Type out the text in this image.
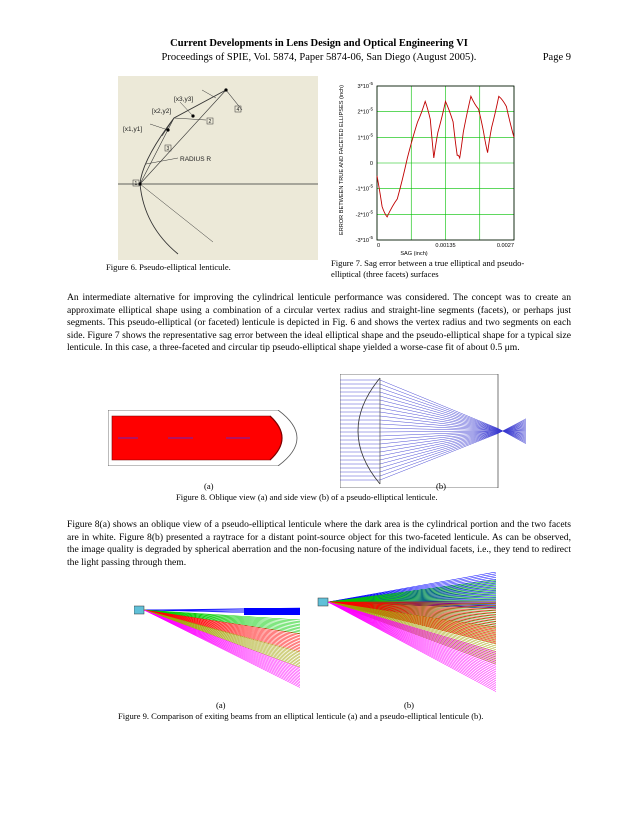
Current Developments in Lens Design and Optical Engineering VI
Proceedings of SPIE, Vol. 5874, Paper 5874-06, San Diego (August 2005).	Page 9
[x3,y3]
[x2,y2]
[x1,y1]
RADIUS R
2
3
4
1
Figure 6. Pseudo-elliptical lenticule.
ERROR BETWEEN TRUE AND FACETED ELLIPSES (inch) $3*10^{-5}$
$2*10^{-5}$
$1*10^{-5}$
0
$-1*10^{-5}$
$-2*10^{-5}$
$-3*10^{-5}$
0	0.00135	0.0027
SAG (inch)
Figure 7. Sag error between a true elliptical and pseudo-
elliptical (three facets) surfaces
An intermediate alternative for improving the cylindrical lenticule performance was considered. The concept was to create an approximate elliptical shape using a combination of a circular vertex radius and straight-line segments (facets), or perhaps just segments. This pseudo-elliptical (or faceted) lenticule is depicted in Fig. 6 and shows the vertex radius and two segments on each side. Figure 7 shows the representative sag error between the ideal elliptical shape and the pseudo-elliptical shape for a typical size lenticule. In this case, a three-faceted and circular tip pseudo-elliptical shape yielded a worse-case fit of about 0.5 μm.
(a)	(b)
Figure 8. Oblique view (a) and side view (b) of a pseudo-elliptical lenticule.
Figure 8(a) shows an oblique view of a pseudo-elliptical lenticule where the dark area is the cylindrical portion and the two facets are in white. Figure 8(b) presented a raytrace for a distant point-source object for this two-faceted lenticule. As can be observed, the image quality is degraded by spherical aberration and the non-focusing nature of the individual facets, i.e., they tend to redirect the light passing through them.
(a)	(b)
Figure 9. Comparison of exiting beams from an elliptical lenticule (a) and a pseudo-elliptical lenticule (b).
